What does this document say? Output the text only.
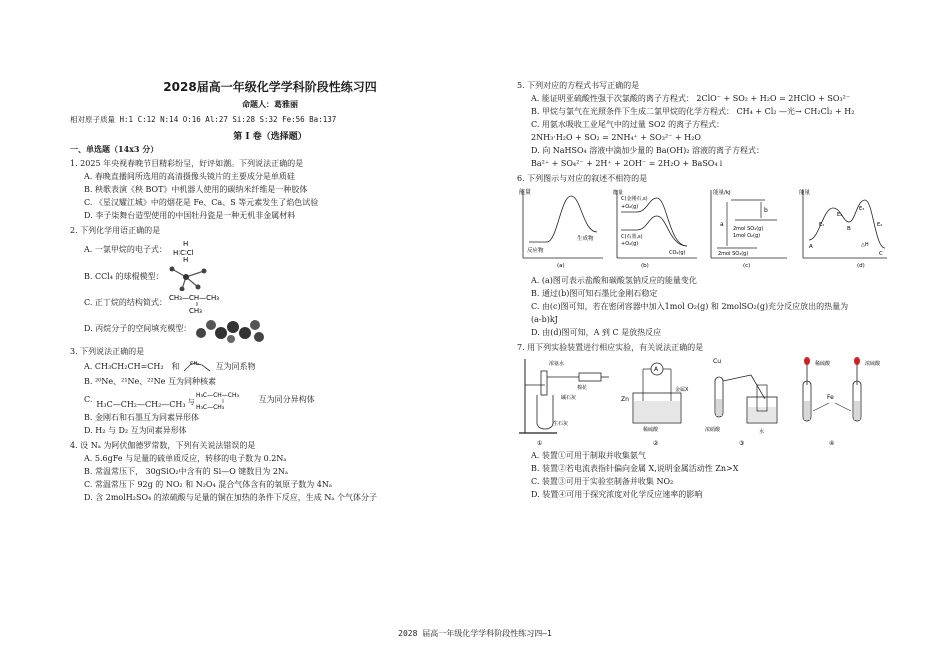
2028届高一年级化学学科阶段性练习四
命题人：葛雅丽
相对原子质量 H:1 C:12 N:14 O:16 Al:27 Si:28 S:32 Fe:56 Ba:137
第 I 卷（选择题）
一、单选题（14x3 分）
1. 2025 年央视春晚节目精彩纷呈，好评如潮。下列说法正确的是
A. 春晚直播间所选用的高清摄像头镜片的主要成分是单质硅
B. 秧歌表演《秧 BOT》中机器人使用的碳纳米纤维是一种胶体
C. 《星汉耀江城》中的烟花是 Fe、Ca、S 等元素发生了焰色试验
D. 李子柒舞台造型使用的中国牡丹瓷是一种无机非金属材料
2. 下列化学用语正确的是
A. 一氯甲烷的电子式：
H
H∶C∶Cl
H
B. CCl₄ 的球棍模型：
C. 正丁烷的结构简式： CH₃—CH—CH₃
CH₃
D. 丙烷分子的空间填充模型：
3. 下列说法正确的是
A. CH₃CH₂CH=CH₂ 和 CH₂ 互为同系物
B. ²⁰Ne、²¹Ne、²²Ne 互为同种核素
C.
H₃C—CH₂—CH₂—CH₃ 与
H₃C—CH—CH₃
H₃C—CH₃
互为同分异构体
B. 金刚石和石墨互为同素异形体
D. H₂ 与 D₂ 互为同素异形体
4. 设 Nₐ 为阿伏伽德罗常数，下列有关说法错误的是
A. 5.6gFe 与足量的硫单质反应，转移的电子数为 0.2Nₐ
B. 常温常压下， 30gSiO₂中含有的 Si—O 键数目为 2Nₐ
C. 常温常压下 92g 的 NO₂ 和 N₂O₄ 混合气体含有的氧原子数为 4Nₐ
D. 含 2molH₂SO₄ 的浓硫酸与足量的铜在加热的条件下反应，生成 Nₐ 个气体分子
5. 下列对应的方程式书写正确的是
A. 能证明亚硫酸性强于次氯酸的离子方程式： 2ClO⁻ + SO₂ + H₂O = 2HClO + SO₃²⁻
B. 甲烷与氯气在光照条件下生成二氯甲烷的化学方程式： CH₄ + Cl₂ —光→ CH₂Cl₂ + H₂
C. 用氨水吸收工业尾气中的过量 SO2 的离子方程式：
2NH₃·H₂O + SO₂ = 2NH₄⁺ + SO₃²⁻ + H₂O
D. 向 NaHSO₄ 溶液中滴加少量的 Ba(OH)₂ 溶液的离子方程式：
Ba²⁺ + SO₄²⁻ + 2H⁺ + 2OH⁻ = 2H₂O + BaSO₄↓
6. 下列图示与对应的叙述不相符的是
能量
反应物
生成物
(a)
能量
C(金刚石,s)
+O₂(g)
C(石墨,s)
+O₂(g)
CO₂(g)
(b)
能量/kJ
a
b
2mol SO₂(g)
1mol O₂(g)
2mol SO₃(g)
(c)
能量
A
B
C
E₁
E₂
E₃
E₄
△H
(d)
A. (a)图可表示盐酸和碳酸氢钠反应的能量变化
B. 通过(b)图可知石墨比金刚石稳定
C. 由(c)图可知，若在密闭容器中加入1mol O₂(g) 和 2molSO₂(g)充分反应放出的热量为
(a-b)kJ
D. 由(d)图可知，A 到 C 是放热反应
7. 用下列实验装置进行相应实验，有关说法正确的是
浓氨水
棉花
碱石灰
生石灰
①
A
Zn
金属X
稀硫酸
②
Cu
浓硝酸	水
③
稀硫酸	浓硫酸
Fe
④
A. 装置①可用于制取并收集氨气
B. 装置②若电流表指针偏向金属 X,说明金属活动性 Zn>X
C. 装置③可用于实验室制备并收集 NO₂
D. 装置④可用于探究浓度对化学反应速率的影响
2028 届高一年级化学学科阶段性练习四—1
